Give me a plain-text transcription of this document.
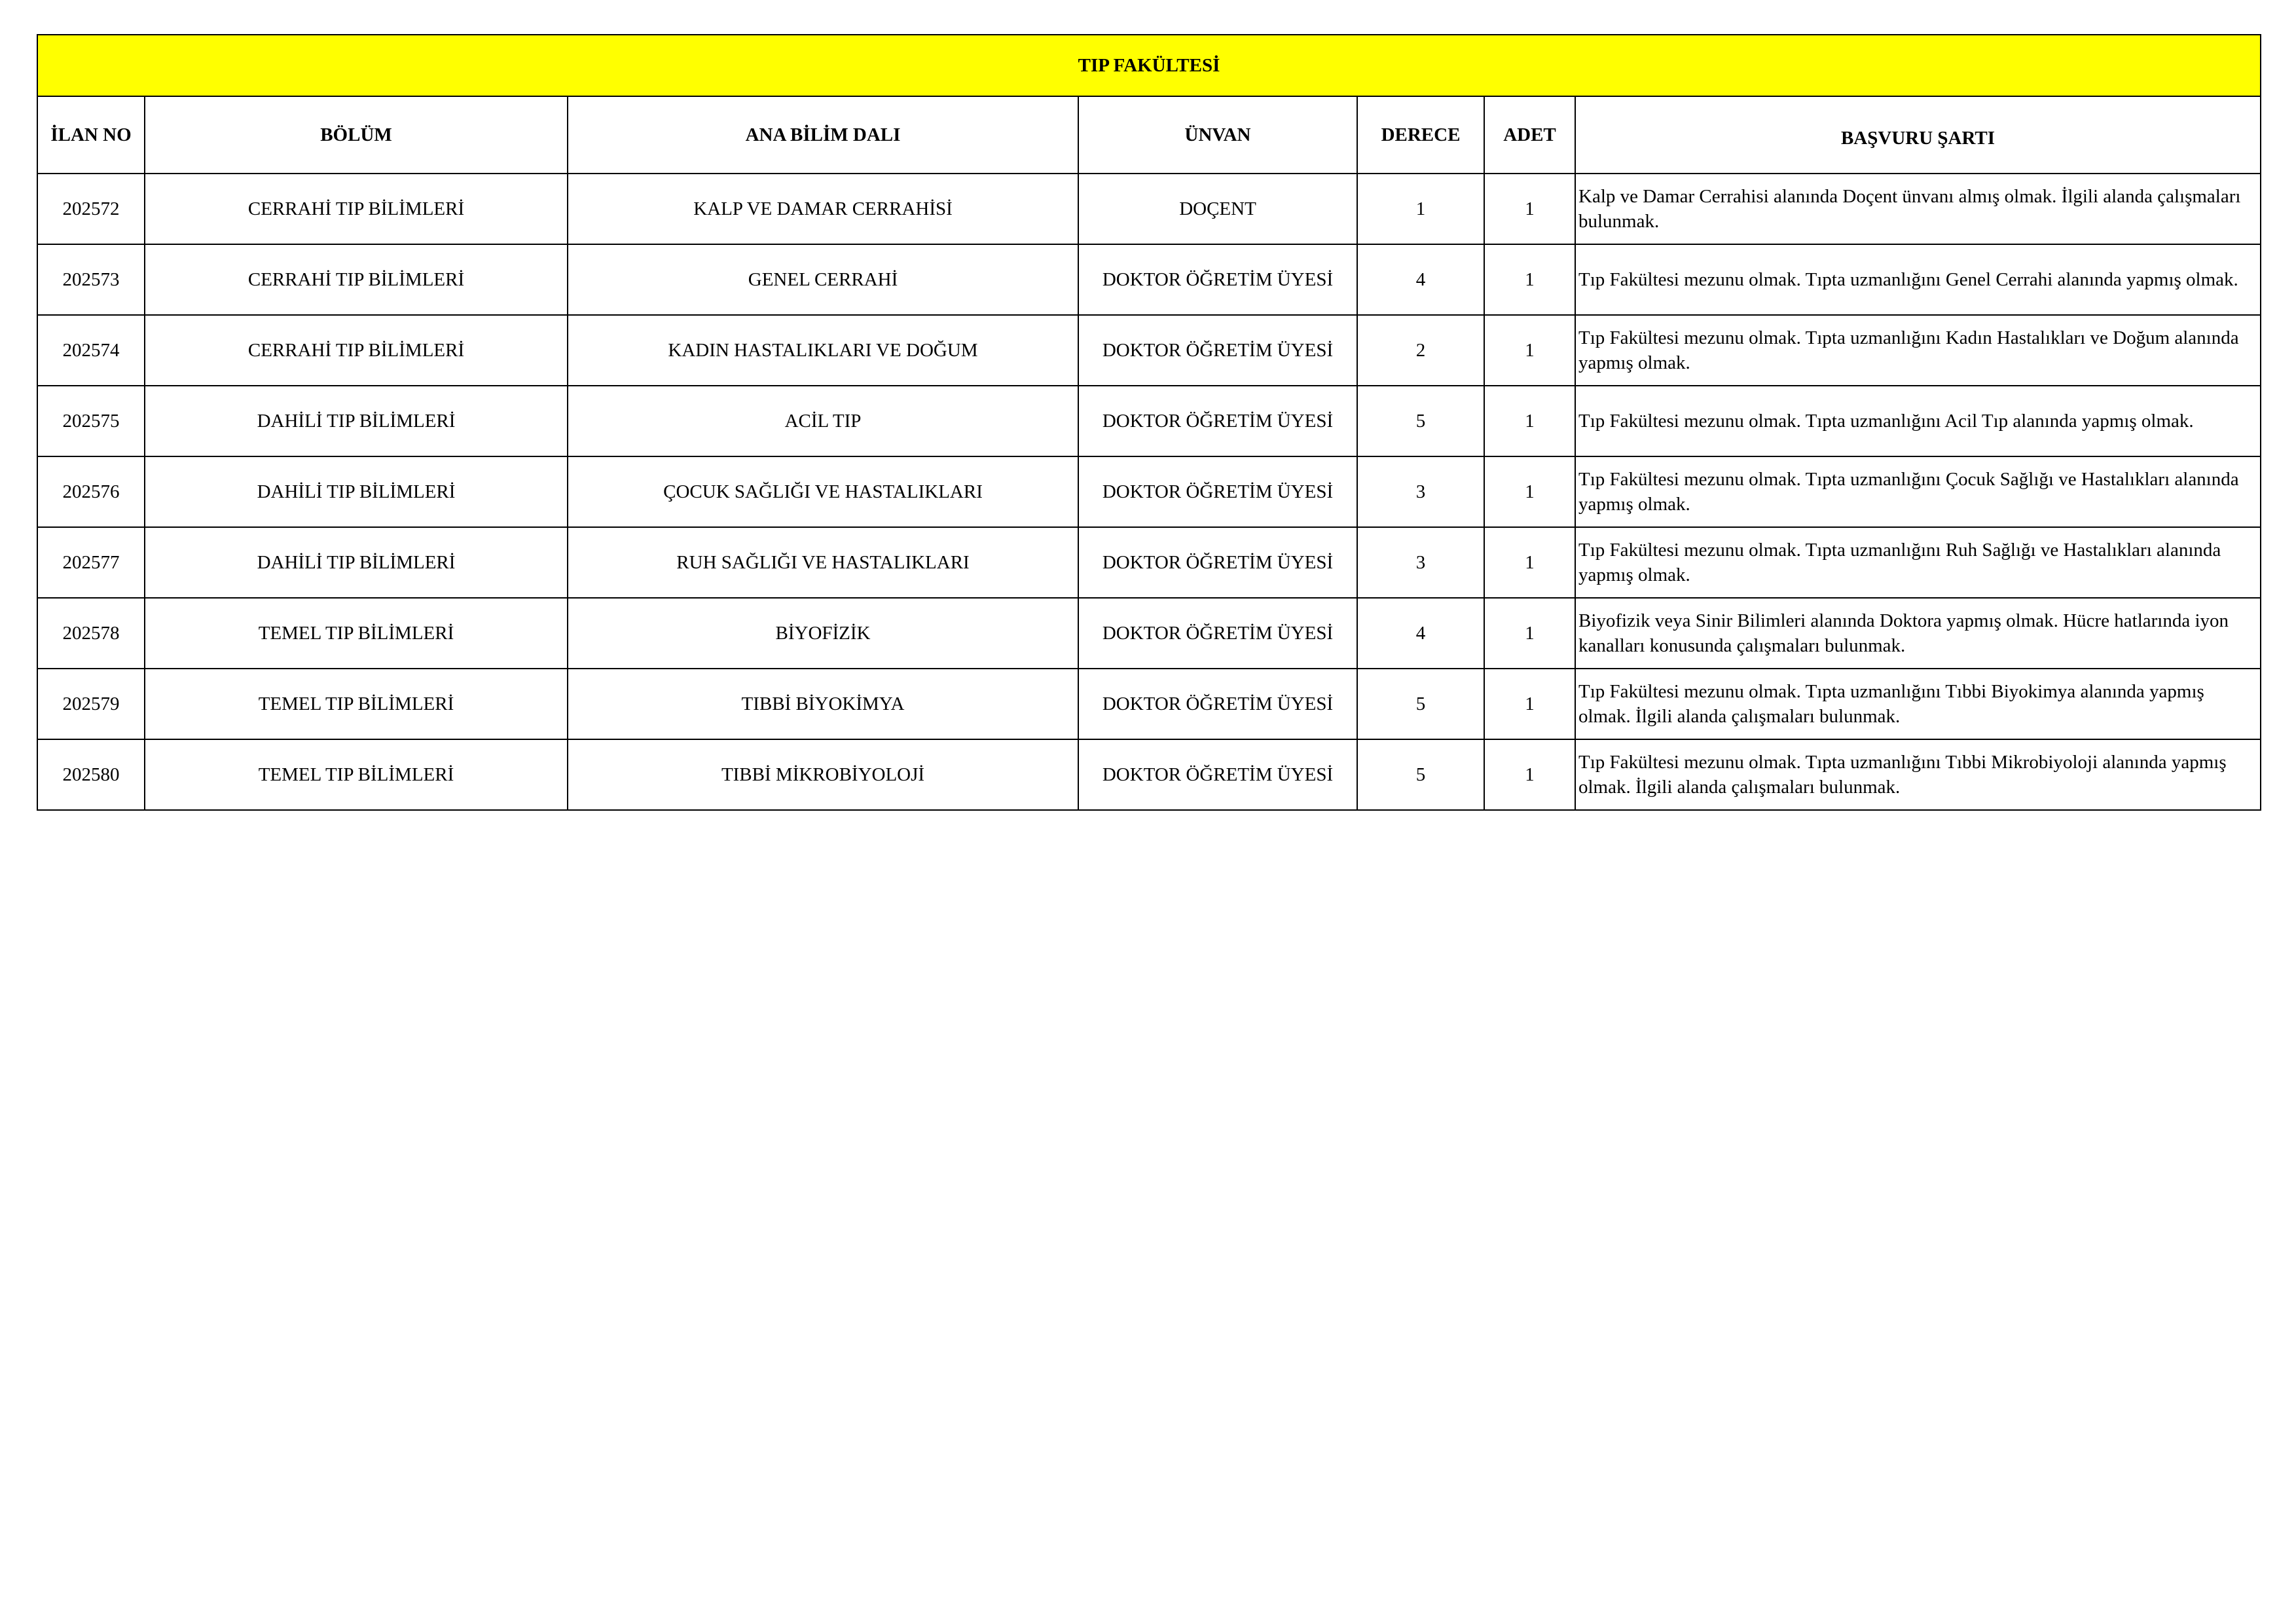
TIP FAKÜLTESİ						
İLAN NO	BÖLÜM	ANA BİLİM DALI	ÜNVAN	DERECE	ADET	BAŞVURU ŞARTI
202572	CERRAHİ TIP BİLİMLERİ	KALP VE DAMAR CERRAHİSİ	DOÇENT	1	1	Kalp ve Damar Cerrahisi alanında Doçent ünvanı almış olmak. İlgili alanda çalışmaları bulunmak.
202573	CERRAHİ TIP BİLİMLERİ	GENEL CERRAHİ	DOKTOR ÖĞRETİM ÜYESİ	4	1	Tıp Fakültesi mezunu olmak. Tıpta uzmanlığını Genel Cerrahi alanında yapmış olmak.
202574	CERRAHİ TIP BİLİMLERİ	KADIN HASTALIKLARI VE DOĞUM	DOKTOR ÖĞRETİM ÜYESİ	2	1	Tıp Fakültesi mezunu olmak. Tıpta uzmanlığını Kadın Hastalıkları ve Doğum alanında yapmış olmak.
202575	DAHİLİ TIP BİLİMLERİ	ACİL TIP	DOKTOR ÖĞRETİM ÜYESİ	5	1	Tıp Fakültesi mezunu olmak. Tıpta uzmanlığını Acil Tıp alanında yapmış olmak.
202576	DAHİLİ TIP BİLİMLERİ	ÇOCUK SAĞLIĞI VE HASTALIKLARI	DOKTOR ÖĞRETİM ÜYESİ	3	1	Tıp Fakültesi mezunu olmak. Tıpta uzmanlığını Çocuk Sağlığı ve Hastalıkları alanında yapmış olmak.
202577	DAHİLİ TIP BİLİMLERİ	RUH SAĞLIĞI VE HASTALIKLARI	DOKTOR ÖĞRETİM ÜYESİ	3	1	Tıp Fakültesi mezunu olmak. Tıpta uzmanlığını Ruh Sağlığı ve Hastalıkları alanında yapmış olmak.
202578	TEMEL TIP BİLİMLERİ	BİYOFİZİK	DOKTOR ÖĞRETİM ÜYESİ	4	1	Biyofizik veya Sinir Bilimleri alanında Doktora yapmış olmak. Hücre hatlarında iyon kanalları konusunda çalışmaları bulunmak.
202579	TEMEL TIP BİLİMLERİ	TIBBİ BİYOKİMYA	DOKTOR ÖĞRETİM ÜYESİ	5	1	Tıp Fakültesi mezunu olmak. Tıpta uzmanlığını Tıbbi Biyokimya alanında yapmış olmak. İlgili alanda çalışmaları bulunmak.
202580	TEMEL TIP BİLİMLERİ	TIBBİ MİKROBİYOLOJİ	DOKTOR ÖĞRETİM ÜYESİ	5	1	Tıp Fakültesi mezunu olmak. Tıpta uzmanlığını Tıbbi Mikrobiyoloji alanında yapmış olmak. İlgili alanda çalışmaları bulunmak.
